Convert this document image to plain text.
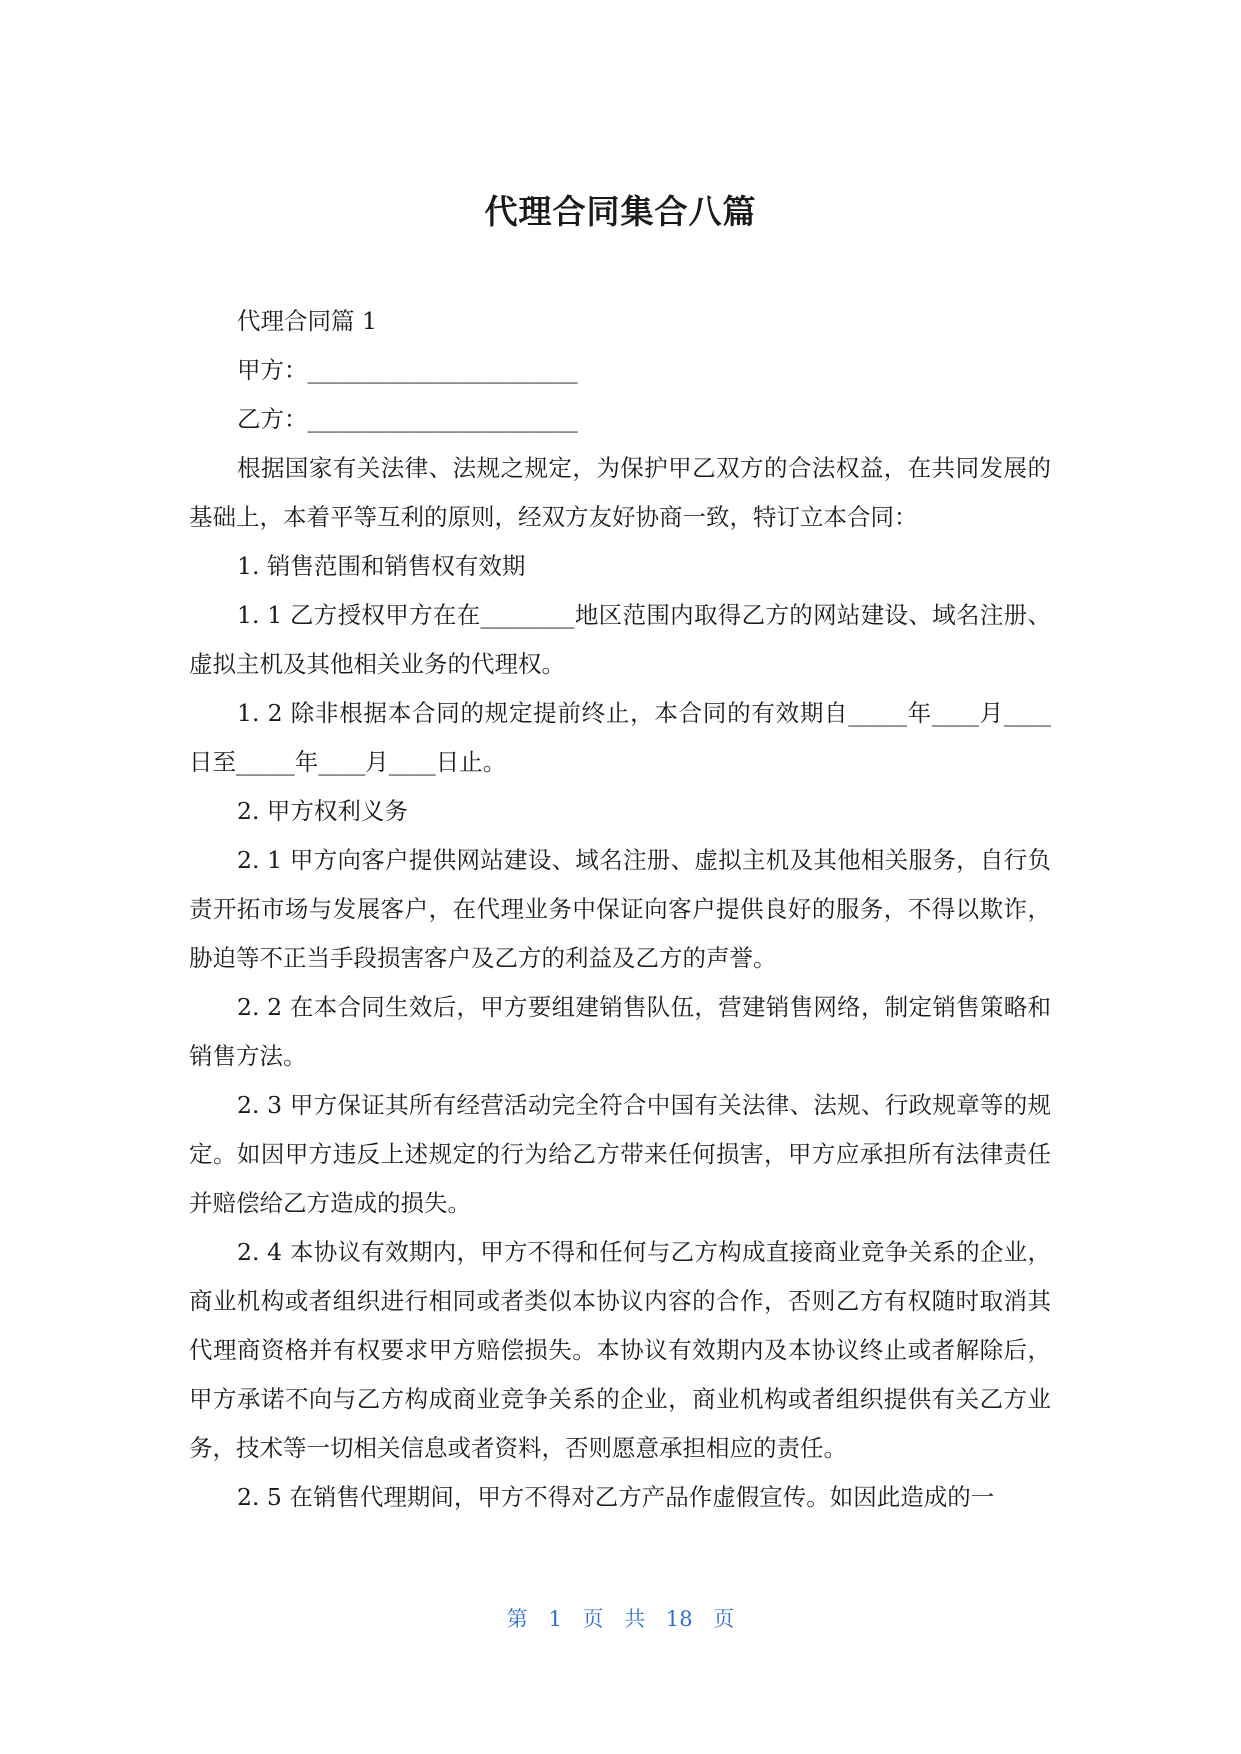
代理合同集合八篇

代理合同篇 1

甲方：_______________________

乙方：_______________________

根据国家有关法律、法规之规定，为保护甲乙双方的合法权益，在共同发展的基础上，本着平等互利的原则，经双方友好协商一致，特订立本合同：

1. 销售范围和销售权有效期

1. 1 乙方授权甲方在在________地区范围内取得乙方的网站建设、域名注册、虚拟主机及其他相关业务的代理权。

1. 2 除非根据本合同的规定提前终止，本合同的有效期自_____年____月____日至_____年____月____日止。

2. 甲方权利义务

2. 1 甲方向客户提供网站建设、域名注册、虚拟主机及其他相关服务，自行负责开拓市场与发展客户，在代理业务中保证向客户提供良好的服务，不得以欺诈，胁迫等不正当手段损害客户及乙方的利益及乙方的声誉。

2. 2 在本合同生效后，甲方要组建销售队伍，营建销售网络，制定销售策略和销售方法。

2. 3 甲方保证其所有经营活动完全符合中国有关法律、法规、行政规章等的规定。如因甲方违反上述规定的行为给乙方带来任何损害，甲方应承担所有法律责任并赔偿给乙方造成的损失。

2. 4 本协议有效期内，甲方不得和任何与乙方构成直接商业竞争关系的企业，商业机构或者组织进行相同或者类似本协议内容的合作，否则乙方有权随时取消其代理商资格并有权要求甲方赔偿损失。本协议有效期内及本协议终止或者解除后，甲方承诺不向与乙方构成商业竞争关系的企业，商业机构或者组织提供有关乙方业务，技术等一切相关信息或者资料，否则愿意承担相应的责任。

2. 5 在销售代理期间，甲方不得对乙方产品作虚假宣传。如因此造成的一

第 1 页 共 18 页
